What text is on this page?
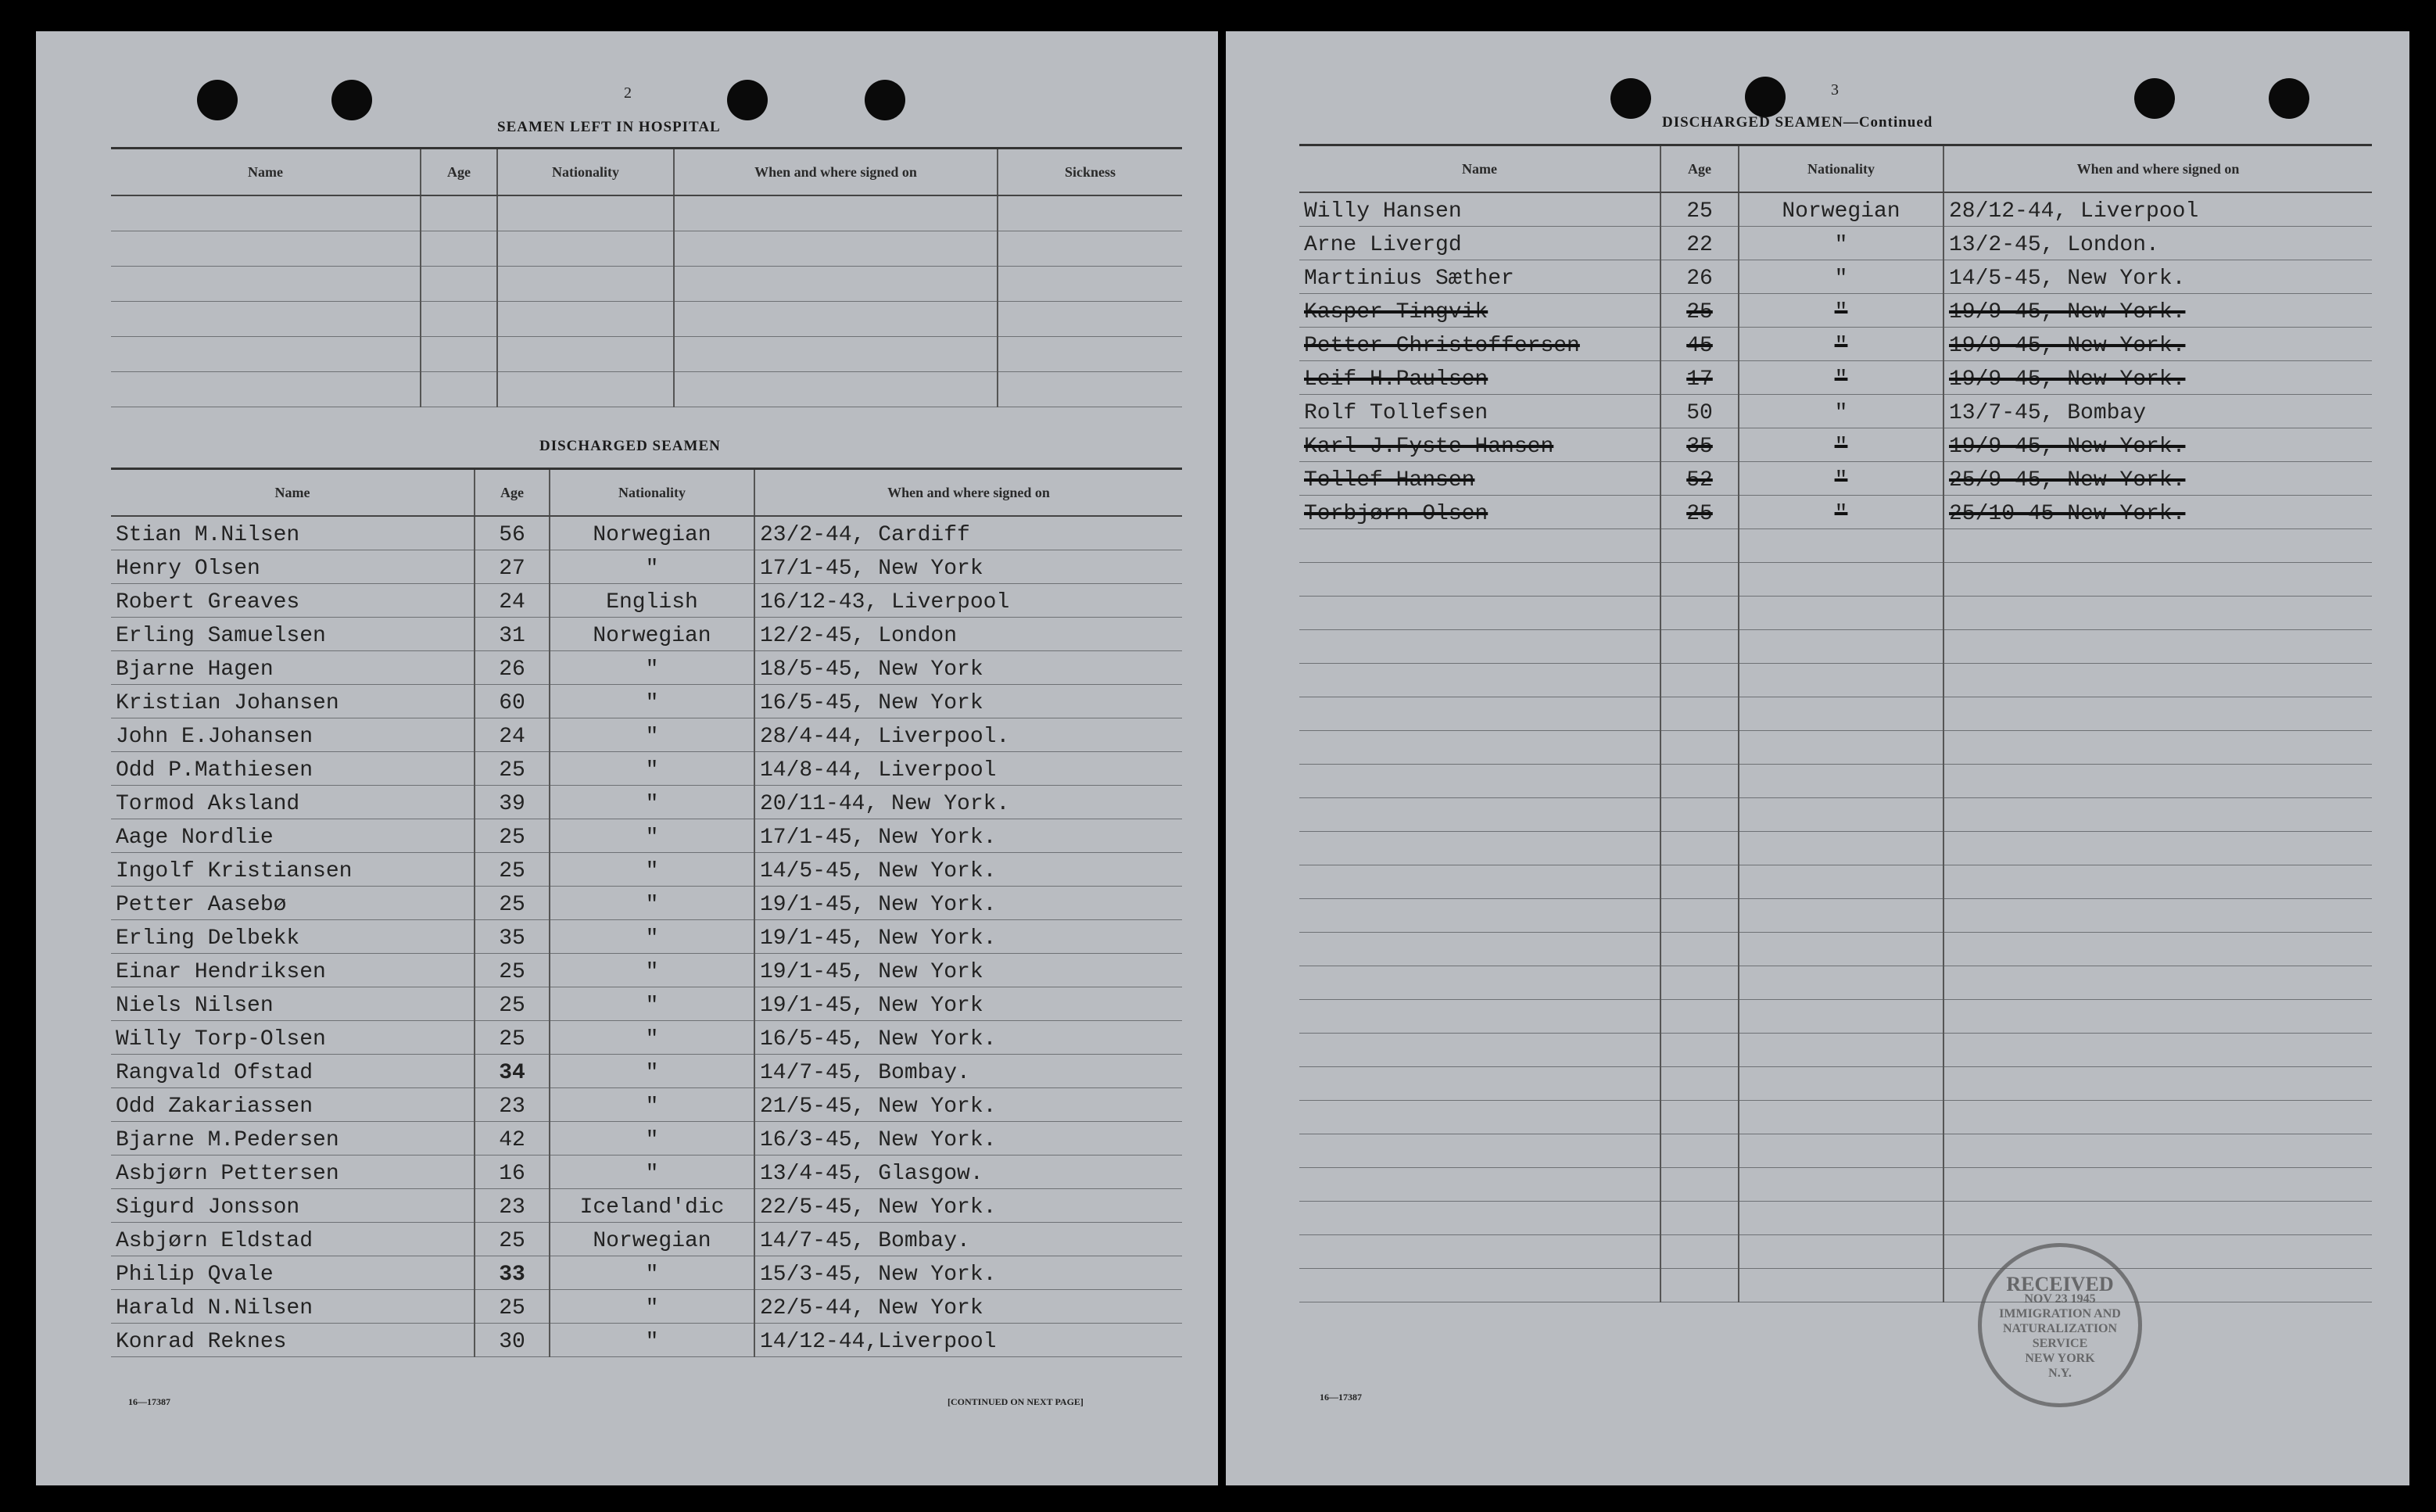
2
SEAMEN LEFT IN HOSPITAL
Name	Age	Nationality	When and where signed on	Sickness

DISCHARGED SEAMEN
Name	Age	Nationality	When and where signed on
Stian M.Nilsen	56	Norwegian	23/2-44, Cardiff
Henry Olsen	27	"	17/1-45, New York
Robert Greaves	24	English	16/12-43, Liverpool
Erling Samuelsen	31	Norwegian	12/2-45, London
Bjarne Hagen	26	"	18/5-45, New York
Kristian Johansen	60	"	16/5-45, New York
John E.Johansen	24	"	28/4-44, Liverpool.
Odd P.Mathiesen	25	"	14/8-44, Liverpool
Tormod Aksland	39	"	20/11-44, New York.
Aage Nordlie	25	"	17/1-45, New York.
Ingolf Kristiansen	25	"	14/5-45, New York.
Petter Aasebø	25	"	19/1-45, New York.
Erling Delbekk	35	"	19/1-45, New York.
Einar Hendriksen	25	"	19/1-45, New York
Niels Nilsen	25	"	19/1-45, New York
Willy Torp-Olsen	25	"	16/5-45, New York.
Rangvald Ofstad	34	"	14/7-45, Bombay.
Odd Zakariassen	23	"	21/5-45, New York.
Bjarne M.Pedersen	42	"	16/3-45, New York.
Asbjørn Pettersen	16	"	13/4-45, Glasgow.
Sigurd Jonsson	23	Iceland'dic	22/5-45, New York.
Asbjørn Eldstad	25	Norwegian	14/7-45, Bombay.
Philip Qvale	33	"	15/3-45, New York.
Harald N.Nilsen	25	"	22/5-44, New York
Konrad Reknes	30	"	14/12-44,Liverpool
16—17387	[CONTINUED ON NEXT PAGE]
3
DISCHARGED SEAMEN—Continued
Name	Age	Nationality	When and where signed on
Willy Hansen	25	Norwegian	28/12-44, Liverpool
Arne Livergd	22	"	13/2-45, London.
Martinius Sæther	26	"	14/5-45, New York.
Kasper Tingvik	25	"	19/9-45, New York.
Petter Christoffersen	45	"	19/9-45, New York.
Leif H.Paulsen	17	"	19/9-45, New York.
Rolf Tollefsen	50	"	13/7-45, Bombay
Karl J.Fyste Hansen	35	"	19/9-45, New York.
Tollef Hansen	52	"	25/9-45, New York.
Torbjørn Olsen	25	"	25/10-45 New York.

16—17387
RECEIVED
NOV 23 1945
IMMIGRATION AND NATURALIZATION SERVICE
NEW YORK
N.Y.
